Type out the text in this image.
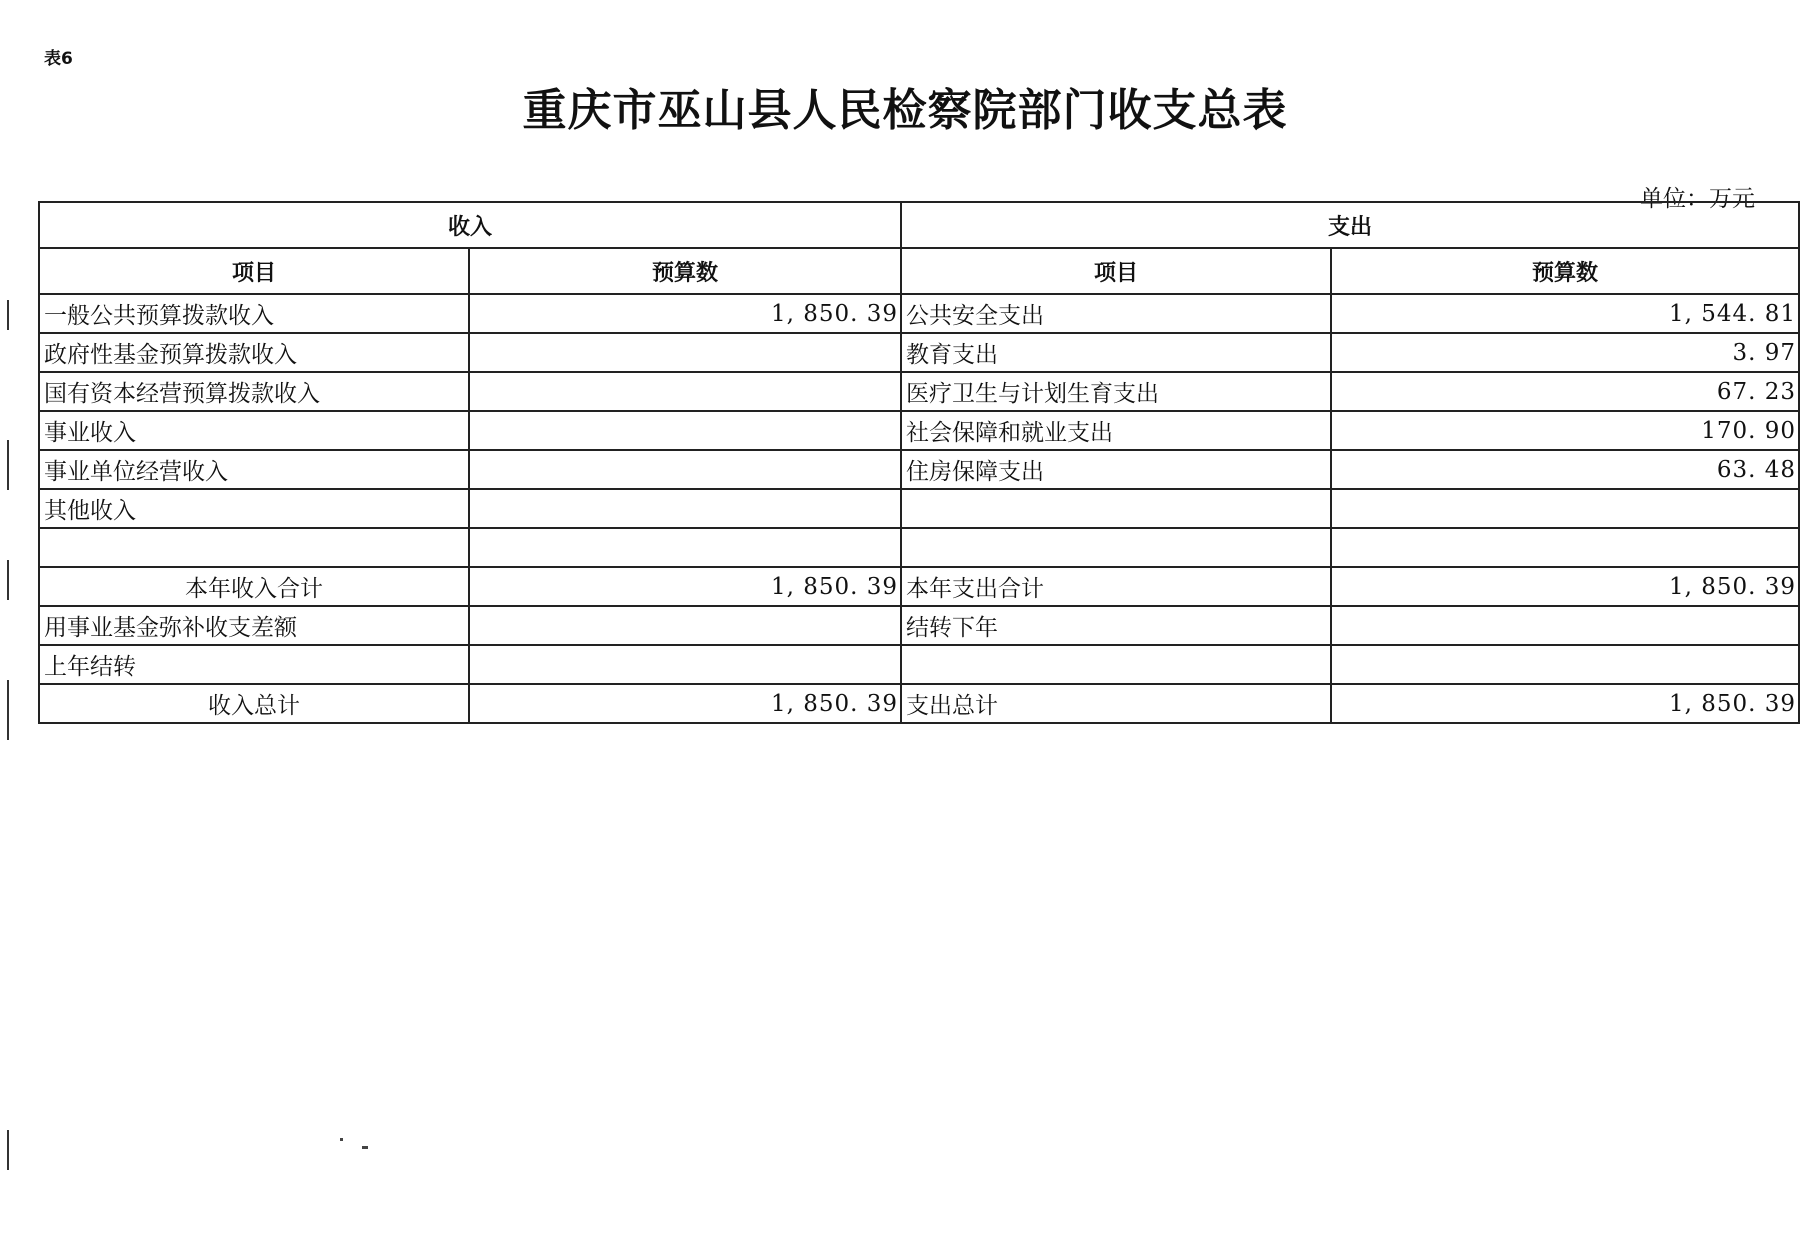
表6
重庆市巫山县人民检察院部门收支总表
单位：万元
收入		支出	
项目	预算数	项目	预算数
一般公共预算拨款收入	1, 850. 39	公共安全支出	1, 544. 81
政府性基金预算拨款收入		教育支出	3. 97
国有资本经营预算拨款收入		医疗卫生与计划生育支出	67. 23
事业收入		社会保障和就业支出	170. 90
事业单位经营收入		住房保障支出	63. 48
其他收入			

本年收入合计	1, 850. 39	本年支出合计	1, 850. 39
用事业基金弥补收支差额		结转下年	
上年结转			
收入总计	1, 850. 39	支出总计	1, 850. 39
